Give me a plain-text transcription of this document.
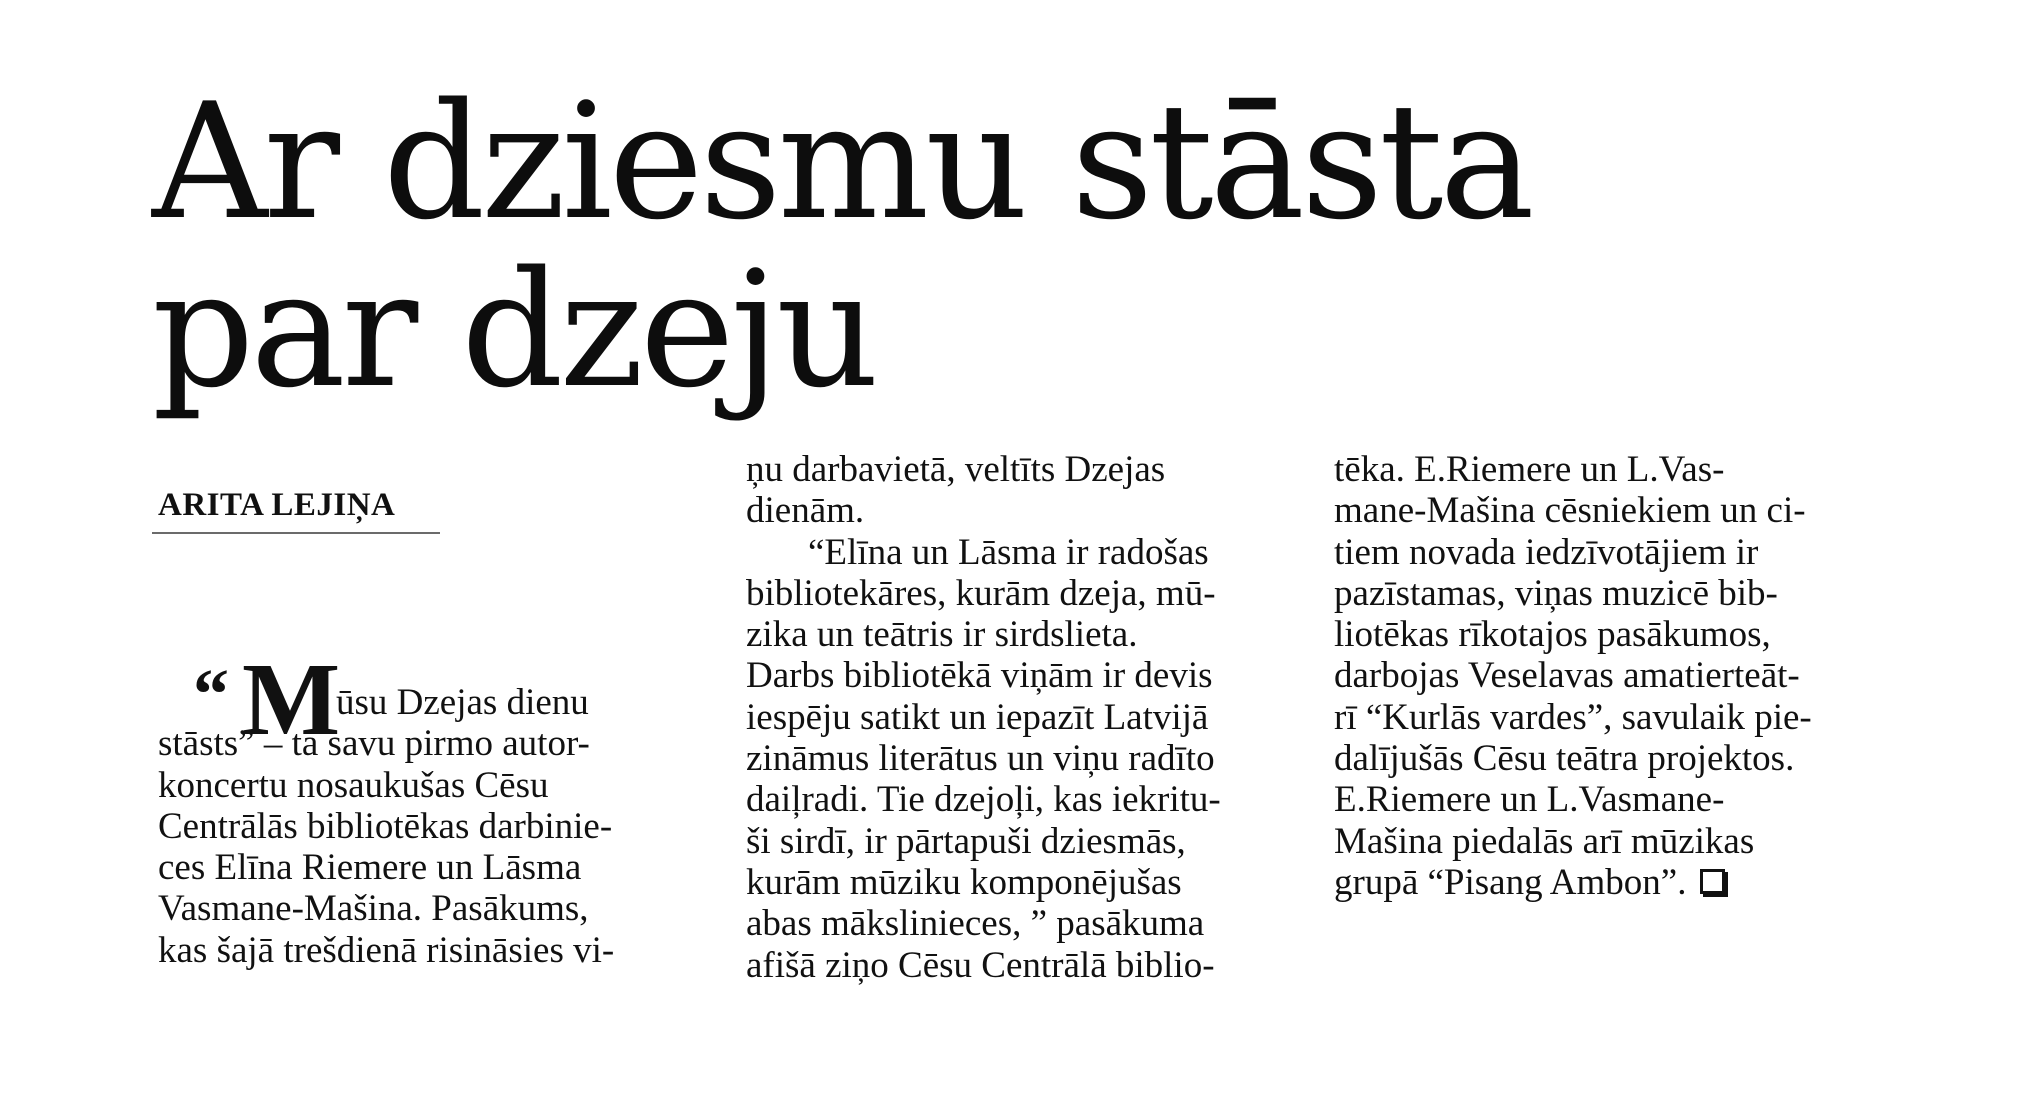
Ar dziesmu stāsta
par dzeju
ARITA LEJIŅA
“ M
ūsu Dzejas dienu
stāsts” – tā savu pirmo autor-
koncertu nosaukušas Cēsu
Centrālās bibliotēkas darbinie-
ces Elīna Riemere un Lāsma
Vasmane-Mašina. Pasākums,
kas šajā trešdienā risināsies vi-
ņu darbavietā, veltīts Dzejas
dienām.
“Elīna un Lāsma ir radošas
bibliotekāres, kurām dzeja, mū-
zika un teātris ir sirdslieta.
Darbs bibliotēkā viņām ir devis
iespēju satikt un iepazīt Latvijā
zināmus literātus un viņu radīto
daiļradi. Tie dzejoļi, kas iekritu-
ši sirdī, ir pārtapuši dziesmās,
kurām mūziku komponējušas
abas mākslinieces, ” pasākuma
afišā ziņo Cēsu Centrālā biblio-
tēka. E.Riemere un L.Vas-
mane-Mašina cēsniekiem un ci-
tiem novada iedzīvotājiem ir
pazīstamas, viņas muzicē bib-
liotēkas rīkotajos pasākumos,
darbojas Veselavas amatierteāt-
rī “Kurlās vardes”, savulaik pie-
dalījušās Cēsu teātra projektos.
E.Riemere un L.Vasmane-
Mašina piedalās arī mūzikas
grupā “Pisang Ambon”.
